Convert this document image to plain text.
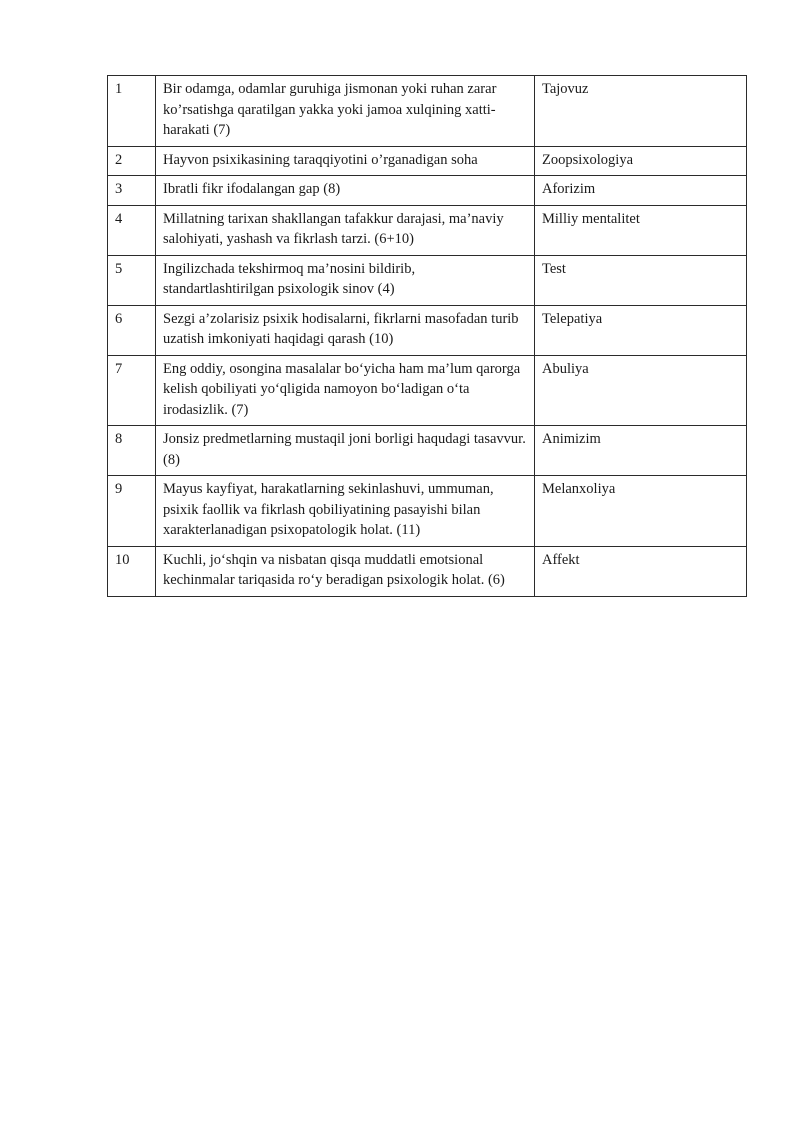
1	Bir odamga, odamlar guruhiga jismonan yoki ruhan zarar ko’rsatishga qaratilgan yakka yoki jamoa xulqining xatti-harakati (7)	Tajovuz
2	Hayvon psixikasining taraqqiyotini o’rganadigan soha	Zoopsixologiya
3	Ibratli fikr ifodalangan gap (8)	Aforizim
4	Millatning tarixan shakllangan tafakkur darajasi, ma’naviy salohiyati, yashash va fikrlash tarzi. (6+10)	Milliy mentalitet
5	Ingilizchada tekshirmoq ma’nosini bildirib, standartlashtirilgan psixologik sinov (4)	Test
6	Sezgi a’zolarisiz psixik hodisalarni, fikrlarni masofadan turib uzatish imkoniyati haqidagi qarash (10)	Telepatiya
7	Eng oddiy, osongina masalalar boʻyicha ham ma’lum qarorga kelish qobiliyati yoʻqligida namoyon boʻladigan oʻta irodasizlik. (7)	Abuliya
8	Jonsiz predmetlarning mustaqil joni borligi haqudagi tasavvur. (8)	Animizim
9	Mayus kayfiyat, harakatlarning sekinlashuvi, ummuman, psixik faollik va fikrlash qobiliyatining pasayishi bilan xarakterlanadigan psixopatologik holat. (11)	Melanxoliya
10	Kuchli, joʻshqin va nisbatan qisqa muddatli emotsional kechinmalar tariqasida roʻy beradigan psixologik holat. (6)	Affekt
